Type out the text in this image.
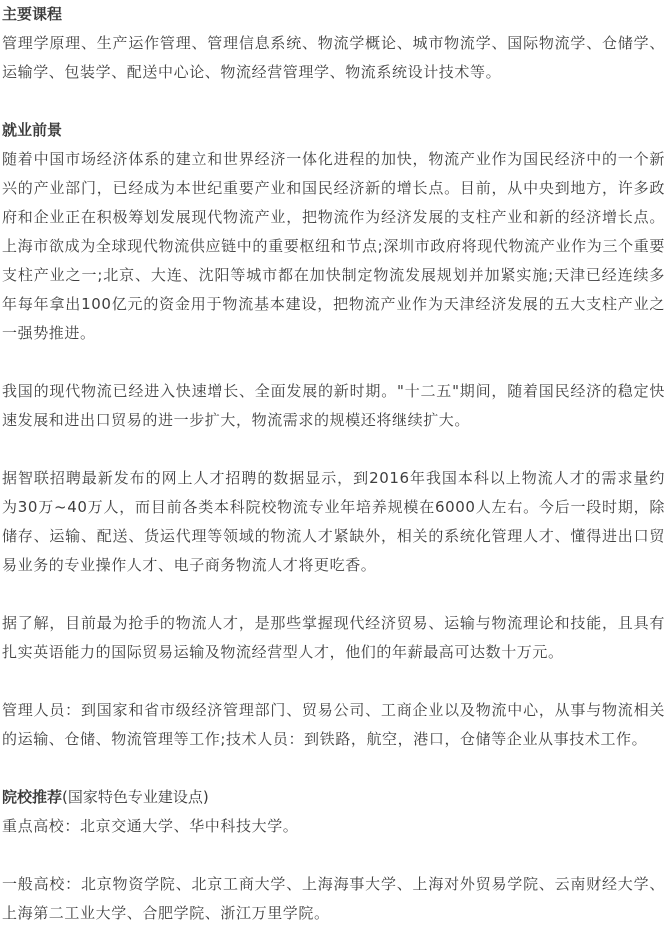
主要课程

管理学原理、生产运作管理、管理信息系统、物流学概论、城市物流学、国际物流学、仓储学、运输学、包装学、配送中心论、物流经营管理学、物流系统设计技术等。

就业前景

随着中国市场经济体系的建立和世界经济一体化进程的加快，物流产业作为国民经济中的一个新兴的产业部门，已经成为本世纪重要产业和国民经济新的增长点。目前，从中央到地方，许多政府和企业正在积极筹划发展现代物流产业，把物流作为经济发展的支柱产业和新的经济增长点。上海市欲成为全球现代物流供应链中的重要枢纽和节点;深圳市政府将现代物流产业作为三个重要支柱产业之一;北京、大连、沈阳等城市都在加快制定物流发展规划并加紧实施;天津已经连续多年每年拿出100亿元的资金用于物流基本建设，把物流产业作为天津经济发展的五大支柱产业之一强势推进。

我国的现代物流已经进入快速增长、全面发展的新时期。"十二五"期间，随着国民经济的稳定快速发展和进出口贸易的进一步扩大，物流需求的规模还将继续扩大。

据智联招聘最新发布的网上人才招聘的数据显示，到2016年我国本科以上物流人才的需求量约为30万~40万人，而目前各类本科院校物流专业年培养规模在6000人左右。今后一段时期，除储存、运输、配送、货运代理等领域的物流人才紧缺外，相关的系统化管理人才、懂得进出口贸易业务的专业操作人才、电子商务物流人才将更吃香。

据了解，目前最为抢手的物流人才，是那些掌握现代经济贸易、运输与物流理论和技能，且具有扎实英语能力的国际贸易运输及物流经营型人才，他们的年薪最高可达数十万元。

管理人员：到国家和省市级经济管理部门、贸易公司、工商企业以及物流中心，从事与物流相关的运输、仓储、物流管理等工作;技术人员：到铁路，航空，港口，仓储等企业从事技术工作。

院校推荐(国家特色专业建设点)

重点高校：北京交通大学、华中科技大学。

一般高校：北京物资学院、北京工商大学、上海海事大学、上海对外贸易学院、云南财经大学、上海第二工业大学、合肥学院、浙江万里学院。
